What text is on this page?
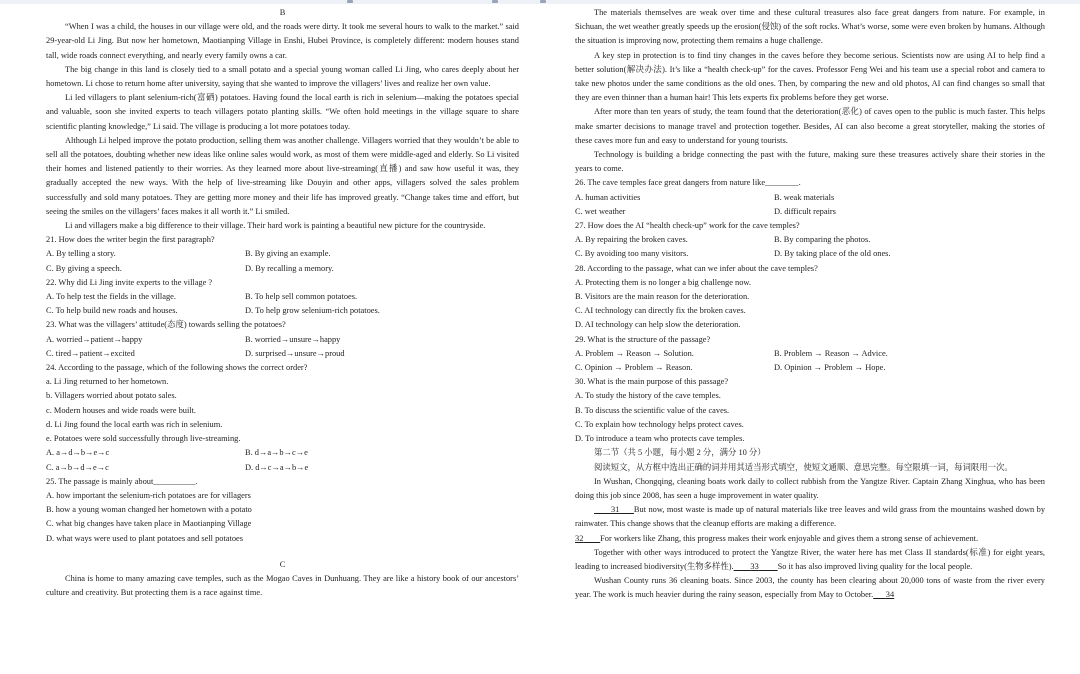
B

“When I was a child, the houses in our village were old, and the roads were dirty. It took me several hours to walk to the market.” said 29-year-old Li Jing. But now her hometown, Maotianping Village in Enshi, Hubei Province, is completely different: modern houses stand tall, wide roads connect everything, and nearly every family owns a car.

The big change in this land is closely tied to a small potato and a special young woman called Li Jing, who cares deeply about her hometown. Li chose to return home after university, saying that she wanted to improve the villagers’ lives and realize her own value.

Li led villagers to plant selenium-rich(富硒) potatoes. Having found the local earth is rich in selenium—making the potatoes special and valuable, soon she invited experts to teach villagers potato planting skills. “We often hold meetings in the village square to share scientific planting knowledge,” Li said. The village is producing a lot more potatoes today.

Although Li helped improve the potato production, selling them was another challenge. Villagers worried that they wouldn’t be able to sell all the potatoes, doubting whether new ideas like online sales would work, as most of them were middle-aged and elderly. So Li visited their homes and listened patiently to their worries. As they learned more about live-streaming(直播) and saw how useful it was, they gradually accepted the new ways. With the help of live-streaming like Douyin and other apps, villagers solved the sales problem successfully and sold many potatoes. They are getting more money and their life has improved greatly. “Change takes time and effort, but seeing the smiles on the villagers’ faces makes it all worth it.” Li smiled.

Li and villagers make a big difference to their village. Their hard work is painting a beautiful new picture for the countryside.

21. How does the writer begin the first paragraph?
A. By telling a story.	B. By giving an example.
C. By giving a speech.	D. By recalling a memory.
22. Why did Li Jing invite experts to the village ?
A. To help test the fields in the village.	B. To help sell common potatoes.
C. To help build new roads and houses.	D. To help grow selenium-rich potatoes.
23. What was the villagers’ attitude(态度) towards selling the potatoes?
A. worried→patient→happy	B. worried→unsure→happy
C. tired→patient→excited	D. surprised→unsure→proud
24. According to the passage, which of the following shows the correct order?
a. Li Jing returned to her hometown.
b. Villagers worried about potato sales.
c. Modern houses and wide roads were built.
d. Li Jing found the local earth was rich in selenium.
e. Potatoes were sold successfully through live-streaming.
A. a→d→b→e→c	B. d→a→b→c→e
C. a→b→d→e→c	D. d→c→a→b→e
25. The passage is mainly about__________.
A. how important the selenium-rich potatoes are for villagers
B. how a young woman changed her hometown with a potato
C. what big changes have taken place in Maotianping Village
D. what ways were used to plant potatoes and sell potatoes
C

China is home to many amazing cave temples, such as the Mogao Caves in Dunhuang. They are like a history book of our ancestors’ culture and creativity. But protecting them is a race against time.

The materials themselves are weak over time and these cultural treasures also face great dangers from nature. For example, in Sichuan, the wet weather greatly speeds up the erosion(侵蚀) of the soft rocks. What’s worse, some were even broken by humans. Although the situation is improving now, protecting them remains a huge challenge.

A key step in protection is to find tiny changes in the caves before they become serious. Scientists now are using AI to help find a better solution(解决办法). It’s like a “health check-up” for the caves. Professor Feng Wei and his team use a special robot and camera to take new photos under the same conditions as the old ones. Then, by comparing the new and old photos, AI can find changes so small that they are even thinner than a human hair! This lets experts fix problems before they get worse.

After more than ten years of study, the team found that the deterioration(恶化) of caves open to the public is much faster. This helps make smarter decisions to manage travel and protection together. Besides, AI can also become a great storyteller, making the stories of these caves more fun and easy to understand for young tourists.

Technology is building a bridge connecting the past with the future, making sure these treasures actively share their stories in the years to come.

26. The cave temples face great dangers from nature like________.
A. human activities	B. weak materials
C. wet weather	D. difficult repairs
27. How does the AI “health check-up” work for the cave temples?
A. By repairing the broken caves.	B. By comparing the photos.
C. By avoiding too many visitors.	D. By taking place of the old ones.
28. According to the passage, what can we infer about the cave temples?
A. Protecting them is no longer a big challenge now.
B. Visitors are the main reason for the deterioration.
C. AI technology can directly fix the broken caves.
D. AI technology can help slow the deterioration.
29. What is the structure of the passage?
A. Problem → Reason → Solution.	B. Problem → Reason → Advice.
C. Opinion → Problem → Reason.	D. Opinion → Problem → Hope.
30. What is the main purpose of this passage?
A. To study the history of the cave temples.
B. To discuss the scientific value of the caves.
C. To explain how technology helps protect caves.
D. To introduce a team who protects cave temples.

第二节（共 5 小题，每小题 2 分，满分 10 分）

阅读短文，从方框中选出正确的词并用其适当形式填空，使短文通顺、意思完整。每空限填一词，每词限用一次。

In Wushan, Chongqing, cleaning boats work daily to collect rubbish from the Yangtze River. Captain Zhang Xinghua, who has been doing this job since 2008, has seen a huge improvement in water quality.

31 But now, most waste is made up of natural materials like tree leaves and wild grass from the mountains washed down by rainwater. This change shows that the cleanup efforts are making a difference.

32 For workers like Zhang, this progress makes their work enjoyable and gives them a strong sense of achievement.

Together with other ways introduced to protect the Yangtze River, the water here has met Class II standards(标准) for eight years, leading to increased biodiversity(生物多样性). 33 So it has also improved living quality for the local people.

Wushan County runs 36 cleaning boats. Since 2003, the county has been clearing about 20,000 tons of waste from the river every year. The work is much heavier during the rainy season, especially from May to October. 34
